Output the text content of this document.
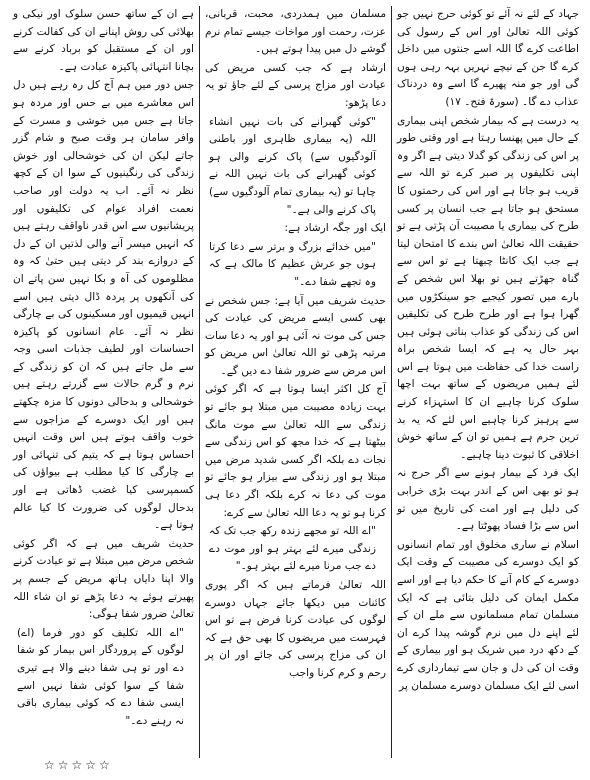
جہاد کے لئے نہ آئے تو کوئی حرج نہیں جو کوئی اللہ تعالیٰ اور اس کے رسول کی اطاعت کرے گا اللہ اسے جنتوں میں داخل کرے گا جن کے نیچے نہریں بہہ رہی ہوں گی اور جو منہ پھیرے گا اسے وہ دردناک عذاب دے گا۔ (سورۃ فتح۔ ۱۷)

یہ درست ہے کہ بیمار شخص اپنی بیماری کے حال میں پھنسا رہتا ہے اور وقتی طور پر اس کی زندگی کو گدلا دیتی ہے اگر وہ اپنی تکلیفوں پر صبر کرے تو اللہ سے قریب ہو جاتا ہے اور اس کی رحمتوں کا مستحق ہو جاتا ہے جب انسان پر کسی طرح کی بیماری یا مصیبت آن پڑتی ہے تو حقیقت اللہ تعالیٰ اس بندے کا امتحان لیتا ہے جب ایک کانٹا چبھتا ہے تو اس سے گناہ جھڑتے ہیں تو بھلا اس شخص کے بارے میں تصور کیجیے جو سینکڑوں میں گھرا ہوا ہے اور طرح طرح کی تکلیفیں اس کی زندگی کو عذاب بناتی ہوئی ہیں بہر حال یہ ہے کہ ایسا شخص براہ راست خدا کی حفاظت میں ہوتا ہے اس لئے ہمیں مریضوں کے ساتھ بہت اچھا سلوک کرنا چاہیے ان کا استہزاء کرنے سے پرہیز کرنا چاہیے اس لئے کہ یہ بد ترین جرم ہے ہمیں تو ان کے ساتھ خوش اخلاقی کا ثبوت دینا چاہیے۔

ایک فرد کے بیمار ہونے سے اگر حرج نہ ہو تو بھی اس کے اندر بہت بڑی خرابی کی دلیل ہے اور امت کی تاریخ میں تو اس سے بڑا فساد پھوٹتا ہے۔

اسلام نے ساری مخلوق اور تمام انسانوں کو ایک دوسرے کی مصیبت کے وقت ایک دوسرے کے کام آنے کا حکم دیا ہے اور اسے مکمل ایمان کی دلیل بتائی ہے کہ ایک مسلمان تمام مسلمانوں سے ملے ان کے لئے اپنے دل میں نرم گوشہ پیدا کرے ان کے دکھ درد میں شریک ہو اور بیماری کے وقت ان کی دل و جان سے تیمارداری کرے اسی لئے ایک مسلمان دوسرے مسلمان پر

مسلمان میں ہمدردی، محبت، قربانی، عزت، رحمت اور مواخات جیسے تمام نرم گوشے دل میں پیدا ہوتے ہیں۔

ارشاد ہے کہ جب کسی مریض کی عیادت اور مزاج پرسی کے لئے جاؤ تو یہ دعا پڑھو:

"کوئی گھبرانے کی بات نہیں انشاء اللہ (یہ بیماری ظاہری اور باطنی آلودگیوں سے) پاک کرنے والی ہو کوئی گھبرانے کی بات نہیں اللہ نے چاہا تو (یہ بیماری تمام آلودگیوں سے) پاک کرنے والی ہے۔"

ایک اور جگہ ارشاد ہے:

"میں خدائے بزرگ و برتر سے دعا کرتا ہوں جو عرش عظیم کا مالک ہے کہ وہ تجھے شفا دے۔"

حدیث شریف میں آیا ہے: جس شخص نے بھی کسی ایسے مریض کی عیادت کی جس کی موت نہ آئی ہو اور یہ دعا سات مرتبہ پڑھی تو اللہ تعالیٰ اس مریض کو اس مرض سے ضرور شفا دے دیں گے۔

آج کل اکثر ایسا ہوتا ہے کہ اگر کوئی بہت زیادہ مصیبت میں مبتلا ہو جائے تو زندگی سے اللہ تعالیٰ سے موت مانگ بیٹھتا ہے کہ خدا مجھ کو اس زندگی سے نجات دے بلکہ اگر کسی شدید مرض میں مبتلا ہو اور زندگی سے بیزار ہو جائے تو موت کی دعا نہ کرے بلکہ اگر دعا ہی کرنا ہو تو یہ دعا اللہ تعالیٰ سے کرے:

"اے اللہ تو مجھے زندہ رکھ جب تک کہ زندگی میرے لئے بہتر ہو اور موت دے دے جب مرنا میرے لئے بہتر ہو۔"

اللہ تعالیٰ فرماتے ہیں کہ اگر پوری کائنات میں دیکھا جائے جہاں دوسرے لوگوں کی عیادت کرنا فرض ہے تو اس فہرست میں مریضوں کا بھی حق ہے کہ ان کی مزاج پرسی کی جائے اور ان پر رحم و کرم کرنا واجب

ہے ان کے ساتھ حسن سلوک اور نیکی و بھلائی کی روش اپنانے ان کی کفالت کرنے اور ان کے مستقبل کو برباد کرنے سے بچانا انتہائی پاکیزہ عبادت ہے۔

جس دور میں ہم آج کل رہ رہے ہیں دل اس معاشرے میں بے حس اور مردہ ہو جاتا ہے جس میں خوشی و مسرت کے وافر سامان ہر وقت صبح و شام گزر جاتے لیکن ان کی خوشحالی اور خوش زندگی کی رنگینیوں کے سوا ان کے کچھ نظر نہ آئے۔ اب یہ دولت اور صاحب نعمت افراد عوام کی تکلیفوں اور پریشانیوں سے اس قدر ناواقف رہتے ہیں کہ انہیں میسر آنے والی لذتیں ان کے دل کے دروازے بند کر دیتی ہیں حتیٰ کہ وہ مظلوموں کی آہ و بکا نہیں سن پاتے ان کی آنکھوں پر پردہ ڈال دیتی ہیں اسے انہیں قیمیوں اور مسکینوں کی بے چارگی نظر نہ آئے۔ عام انسانوں کو پاکیزہ احساسات اور لطیف جذبات اسی وجہ سے مل جاتے ہیں کہ ان کو زندگی کے نرم و گرم حالات سے گزرتے رہتے ہیں خوشحالی و بدحالی دونوں کا مزہ چکھتے ہیں اور ایک دوسرے کے مزاجوں سے خوب واقف ہوتے ہیں اس وقت انہیں احساس ہوتا ہے کہ یتیم کی تنہائی اور بے چارگی کا کیا مطلب ہے بیواؤں کی کسمپرسی کیا غضب ڈھاتی ہے اور بدحال لوگوں کی ضرورت کا کیا عالم ہوتا ہے۔

حدیث شریف میں ہے کہ اگر کوئی شخص مرض میں مبتلا ہے تو عیادت کرنے والا اپنا دایاں ہاتھ مریض کے جسم پر پھیرتے ہوئے یہ دعا پڑھے تو ان شاء اللہ تعالیٰ ضرور شفا ہوگی:

"اے اللہ تکلیف کو دور فرما (اے) لوگوں کے پروردگار اس بیمار کو شفا دے اور تو ہی شفا دینے والا ہے تیری شفا کے سوا کوئی شفا نہیں اسے ایسی شفا دے کہ کوئی بیماری باقی نہ رہنے دے۔"

☆☆☆☆☆
